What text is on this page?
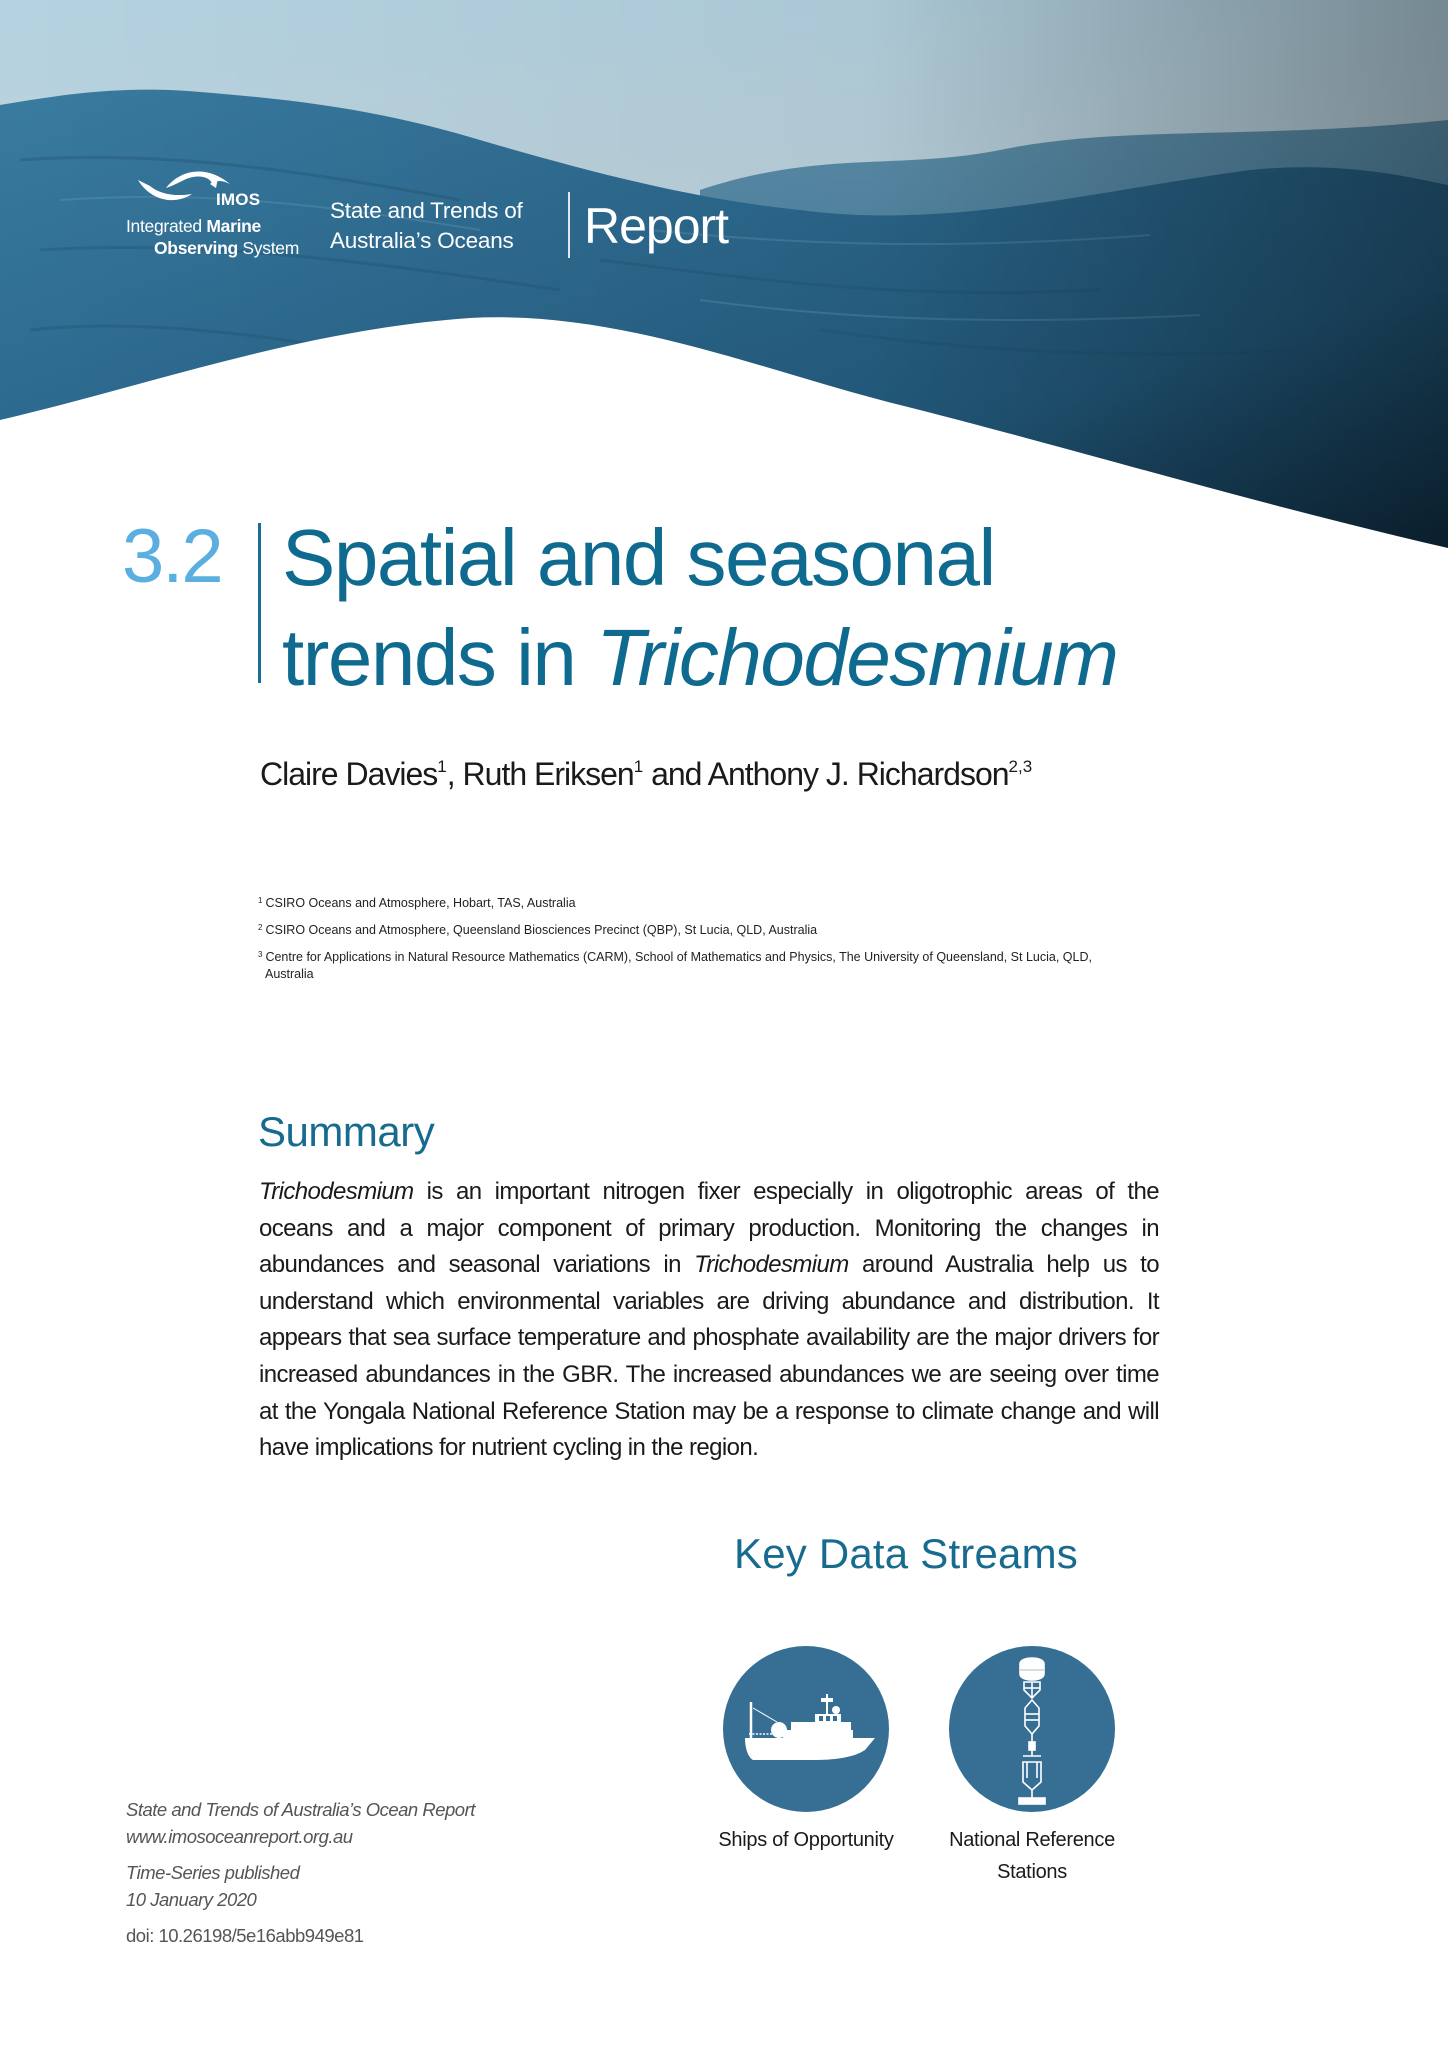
IMOS
Integrated Marine
Observing System
State and Trends of
Australia’s Oceans Report
3.2 Spatial and seasonal
trends in Trichodesmium
Claire Davies$^1$, Ruth Eriksen$^1$ and Anthony J. Richardson$^{2,3}$
$^1$ CSIRO Oceans and Atmosphere, Hobart, TAS, Australia
$^2$ CSIRO Oceans and Atmosphere, Queensland Biosciences Precinct (QBP), St Lucia, QLD, Australia
$^3$ Centre for Applications in Natural Resource Mathematics (CARM), School of Mathematics and Physics, The University of Queensland, St Lucia, QLD, Australia
Summary

Trichodesmium is an important nitrogen fixer especially in oligotrophic areas of the oceans and a major component of primary production. Monitoring the changes in abundances and seasonal variations in Trichodesmium around Australia help us to understand which environmental variables are driving abundance and distribution. It appears that sea surface temperature and phosphate availability are the major drivers for increased abundances in the GBR. The increased abundances we are seeing over time at the Yongala National Reference Station may be a response to climate change and will have implications for nutrient cycling in the region.

Key Data Streams
Ships of Opportunity	National Reference Stations
State and Trends of Australia’s Ocean Report
www.imosoceanreport.org.au
Time-Series published
10 January 2020
doi: 10.26198/5e16abb949e81
